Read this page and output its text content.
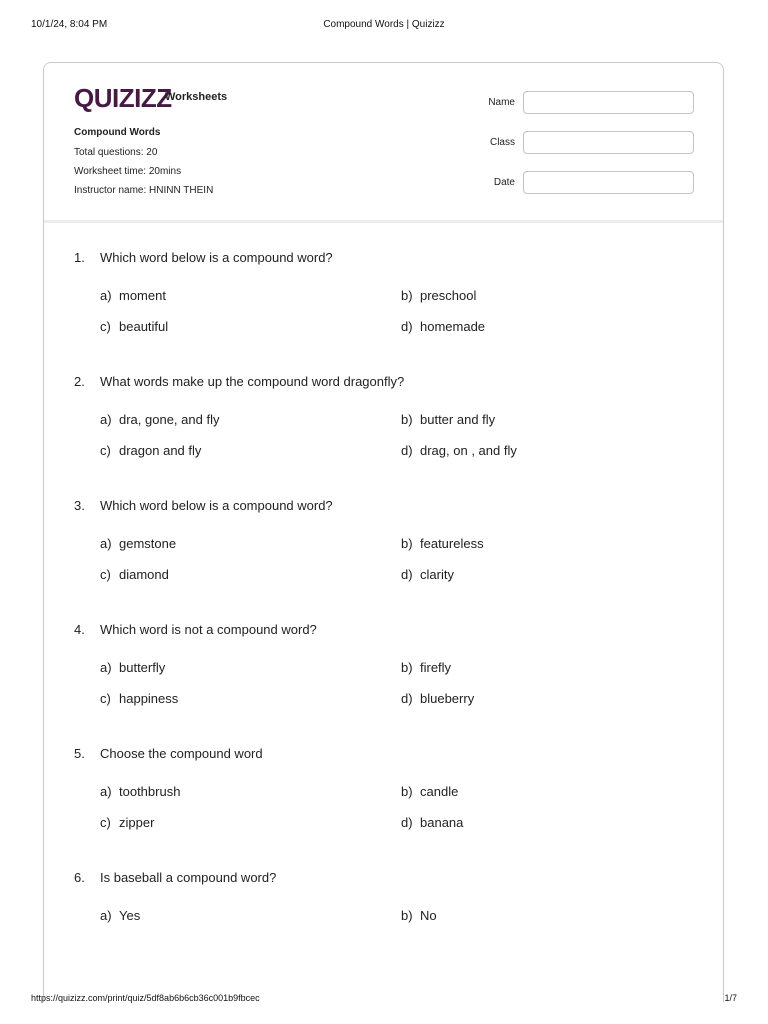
10/1/24, 8:04 PM	Compound Words | Quizizz
QUIZIZZ
Worksheets
Compound Words
Total questions: 20
Worksheet time: 20mins
Instructor name: HNINN THEIN
Name
Class
Date
1. Which word below is a compound word?
a) moment	b) preschool
c) beautiful	d) homemade
2. What words make up the compound word dragonfly?
a) dra, gone, and fly	b) butter and fly
c) dragon and fly	d) drag, on , and fly
3. Which word below is a compound word?
a) gemstone	b) featureless
c) diamond	d) clarity
4. Which word is not a compound word?
a) butterfly	b) firefly
c) happiness	d) blueberry
5. Choose the compound word
a) toothbrush	b) candle
c) zipper	d) banana
6. Is baseball a compound word?
a) Yes	b) No
https://quizizz.com/print/quiz/5df8ab6b6cb36c001b9fbcec	1/7
